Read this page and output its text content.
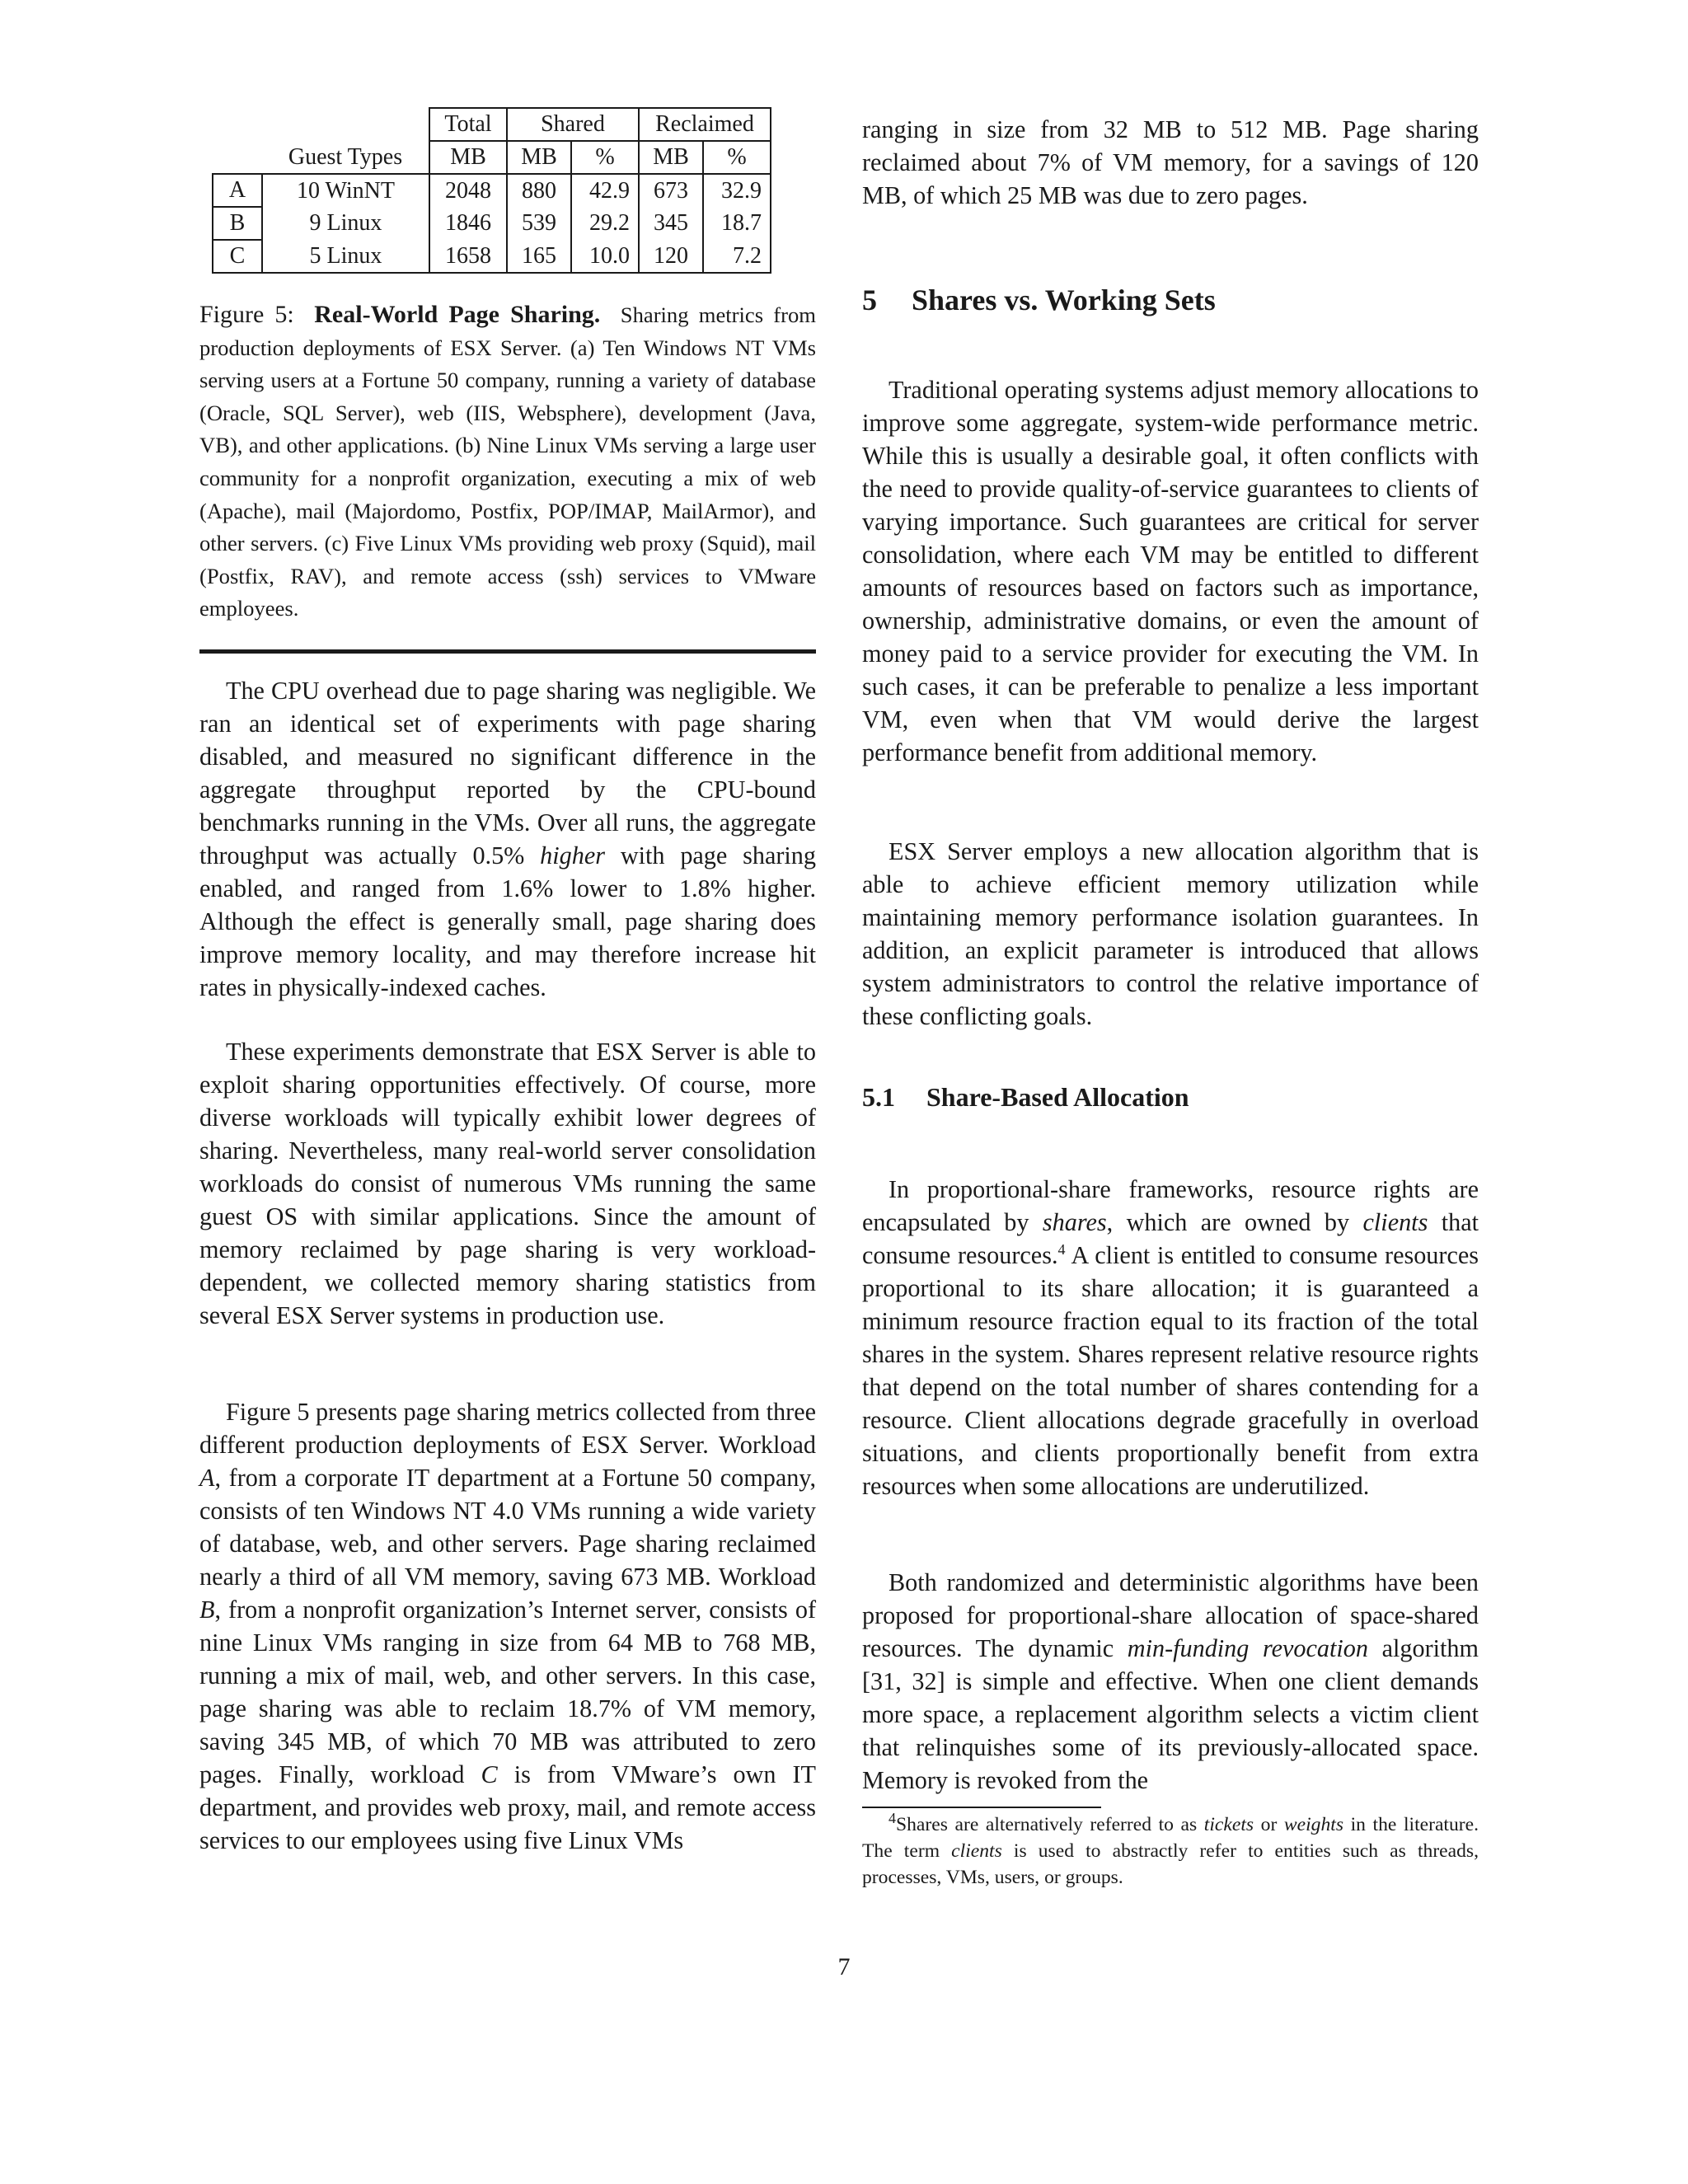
		Total	Shared		Reclaimed	
	Guest Types	MB	MB	%	MB	%
A	10 WinNT	2048	880	42.9	673	32.9
B	9 Linux	1846	539	29.2	345	18.7
C	5 Linux	1658	165	10.0	120	7.2

Figure 5: Real-World Page Sharing. Sharing metrics from production deployments of ESX Server. (a) Ten Windows NT VMs serving users at a Fortune 50 company, running a variety of database (Oracle, SQL Server), web (IIS, Websphere), development (Java, VB), and other applications. (b) Nine Linux VMs serving a large user community for a nonprofit organization, executing a mix of web (Apache), mail (Majordomo, Postfix, POP/IMAP, MailArmor), and other servers. (c) Five Linux VMs providing web proxy (Squid), mail (Postfix, RAV), and remote access (ssh) services to VMware employees.

The CPU overhead due to page sharing was negligible. We ran an identical set of experiments with page sharing disabled, and measured no significant difference in the aggregate throughput reported by the CPU-bound benchmarks running in the VMs. Over all runs, the aggregate throughput was actually 0.5% higher with page sharing enabled, and ranged from 1.6% lower to 1.8% higher. Although the effect is generally small, page sharing does improve memory locality, and may therefore increase hit rates in physically-indexed caches.

These experiments demonstrate that ESX Server is able to exploit sharing opportunities effectively. Of course, more diverse workloads will typically exhibit lower degrees of sharing. Nevertheless, many real-world server consolidation workloads do consist of numerous VMs running the same guest OS with similar applications. Since the amount of memory reclaimed by page sharing is very workload-dependent, we collected memory sharing statistics from several ESX Server systems in production use.

Figure 5 presents page sharing metrics collected from three different production deployments of ESX Server. Workload A, from a corporate IT department at a Fortune 50 company, consists of ten Windows NT 4.0 VMs running a wide variety of database, web, and other servers. Page sharing reclaimed nearly a third of all VM memory, saving 673 MB. Workload B, from a nonprofit organization’s Internet server, consists of nine Linux VMs ranging in size from 64 MB to 768 MB, running a mix of mail, web, and other servers. In this case, page sharing was able to reclaim 18.7% of VM memory, saving 345 MB, of which 70 MB was attributed to zero pages. Finally, workload C is from VMware’s own IT department, and provides web proxy, mail, and remote access services to our employees using five Linux VMs

ranging in size from 32 MB to 512 MB. Page sharing reclaimed about 7% of VM memory, for a savings of 120 MB, of which 25 MB was due to zero pages.

5 Shares vs. Working Sets

Traditional operating systems adjust memory allocations to improve some aggregate, system-wide performance metric. While this is usually a desirable goal, it often conflicts with the need to provide quality-of-service guarantees to clients of varying importance. Such guarantees are critical for server consolidation, where each VM may be entitled to different amounts of resources based on factors such as importance, ownership, administrative domains, or even the amount of money paid to a service provider for executing the VM. In such cases, it can be preferable to penalize a less important VM, even when that VM would derive the largest performance benefit from additional memory.

ESX Server employs a new allocation algorithm that is able to achieve efficient memory utilization while maintaining memory performance isolation guarantees. In addition, an explicit parameter is introduced that allows system administrators to control the relative importance of these conflicting goals.

5.1 Share-Based Allocation

In proportional-share frameworks, resource rights are encapsulated by shares, which are owned by clients that consume resources.$^4$ A client is entitled to consume resources proportional to its share allocation; it is guaranteed a minimum resource fraction equal to its fraction of the total shares in the system. Shares represent relative resource rights that depend on the total number of shares contending for a resource. Client allocations degrade gracefully in overload situations, and clients proportionally benefit from extra resources when some allocations are underutilized.

Both randomized and deterministic algorithms have been proposed for proportional-share allocation of space-shared resources. The dynamic min-funding revocation algorithm [31, 32] is simple and effective. When one client demands more space, a replacement algorithm selects a victim client that relinquishes some of its previously-allocated space. Memory is revoked from the

$^4$Shares are alternatively referred to as tickets or weights in the literature. The term clients is used to abstractly refer to entities such as threads, processes, VMs, users, or groups.

7
